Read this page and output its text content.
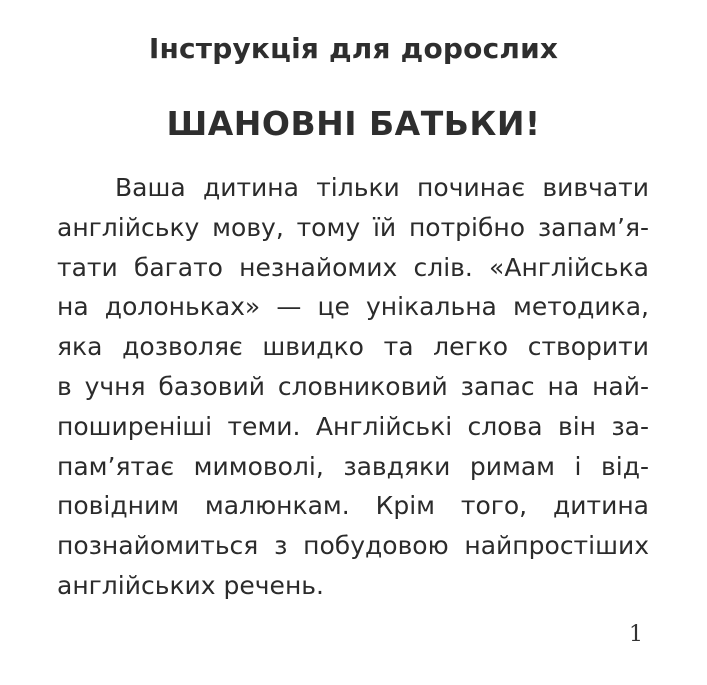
Інструкція для дорослих
ШАНОВНІ БАТЬКИ!
Ваша дитина тільки починає вивчати
англійську мову, тому їй потрібно запам’я-
тати багато незнайомих слів. «Англійська
на долоньках» — це унікальна методика,
яка дозволяє швидко та легко створити
в учня базовий словниковий запас на най-
поширеніші теми. Англійські слова він за-
пам’ятає мимоволі, завдяки римам і від-
повідним малюнкам. Крім того, дитина
познайомиться з побудовою найпростіших
англійських речень.
1
